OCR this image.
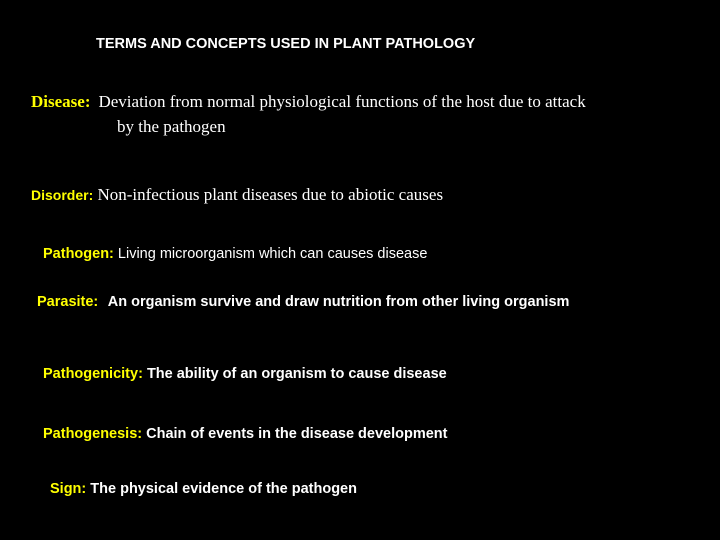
TERMS AND CONCEPTS USED IN PLANT PATHOLOGY
Disease: Deviation from normal physiological functions of the host due to attack
by the pathogen
Disorder: Non-infectious plant diseases due to abiotic causes
Pathogen: Living microorganism which can causes disease
Parasite: An organism survive and draw nutrition from other living organism
Pathogenicity: The ability of an organism to cause disease
Pathogenesis: Chain of events in the disease development
Sign: The physical evidence of the pathogen
